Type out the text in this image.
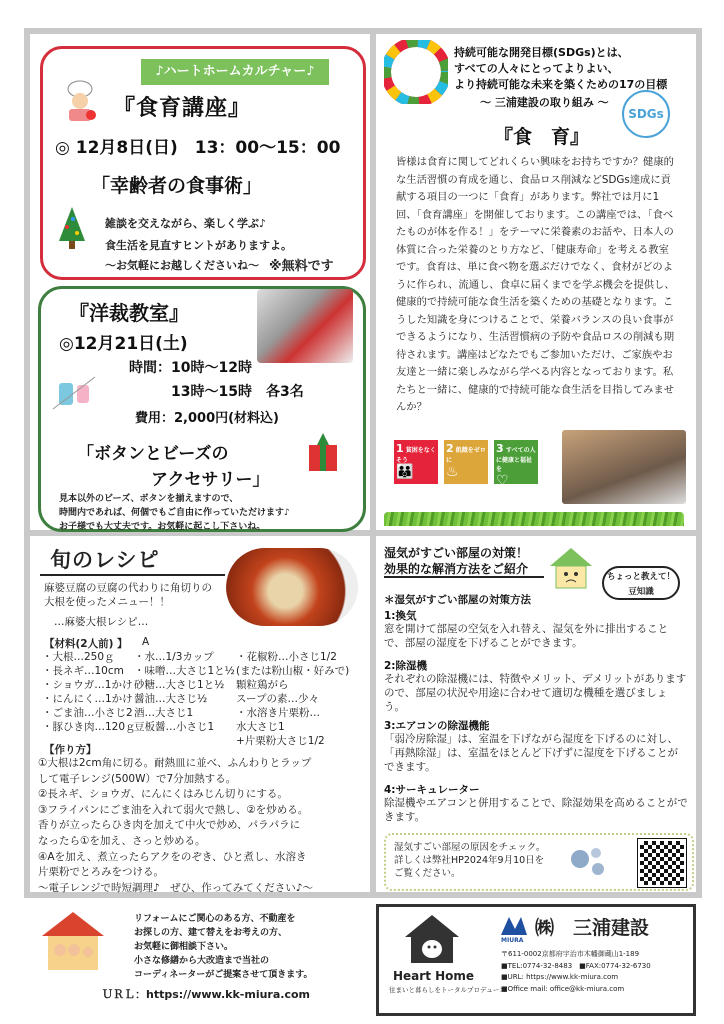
♪ハートホームカルチャー♪
『食育講座』
◎ 12月8日(日)　13：00～15：00
「幸齢者の食事術」
雑談を交えながら、楽しく学ぶ♪
食生活を見直すヒントがありますよ。
～お気軽にお越しくださいね～ ※無料です
『洋裁教室』
◎12月21日(土)
時間：10時～12時
13時～15時　各3名
費用：2,000円(材料込)
「ボタンとビーズの
アクセサリー」
見本以外のビーズ、ボタンを揃えますので、
時間内であれば、何個でもご自由に作っていただけます♪
お子様でも大丈夫です。お気軽に起こし下さいね。
持続可能な開発目標(SDGs)とは、
すべての人々にとってよりよい、
より持続可能な未来を築くための17の目標
～ 三浦建設の取り組み ～
SDGs
『食　育』
皆様は食育に関してどれくらい興味をお持ちですか？健康的な生活習慣の育成を通じ、食品ロス削減などSDGs達成に貢献する項目の一つに「食育」があります。弊社では月に1回、「食育講座」を開催しております。この講座では、「食べたものが体を作る！」をテーマに栄養素のお話や、日本人の体質に合った栄養のとり方など、「健康寿命」を考える教室です。食育は、単に食べ物を選ぶだけでなく、食材がどのように作られ、流通し、食卓に届くまでを学ぶ機会を提供し、健康的で持続可能な食生活を築くための基礎となります。こうした知識を身につけることで、栄養バランスの良い食事ができるようになり、生活習慣病の予防や食品ロスの削減も期待されます。講座はどなたでもご参加いただけ、ご家族やお友達と一緒に楽しみながら学べる内容となっております。私たちと一緒に、健康的で持続可能な食生活を目指してみませんか？
1 貧困をなくそう
👪
2 飢餓をゼロに
♨
3 すべての人に健康と福祉を
♡
旬のレシピ
麻婆豆腐の豆腐の代わりに角切りの
大根を使ったメニュー！！
…麻婆大根レシピ…
【材料(2人前) 】 A
・大根…250ｇ
・長ネギ…10cm
・ショウガ…1かけ
・にんにく…1かけ
・ごま油…小さじ2
・豚ひき肉…120ｇ
・水…1/3カップ
・味噌…大さじ1と½
砂糖…大さじ1と½
醤油…大さじ½
酒…大さじ1
豆板醤…小さじ1
・花椒粉…小さじ1/2
(または粉山椒・好みで)
顆粒鶏がら
スープの素…少々
・水溶き片栗粉…
水大さじ1
+片栗粉大さじ1/2
【作り方】
①大根は2cm角に切る。耐熱皿に並べ、ふんわりとラップ
して電子レンジ(500W）で7分加熱する。
②長ネギ、ショウガ、にんにくはみじん切りにする。
③フライパンにごま油を入れて弱火で熱し、②を炒める。
香りが立ったらひき肉を加えて中火で炒め、パラパラに
なったら①を加え、さっと炒める。
④Aを加え、煮立ったらアクをのぞき、ひと煮し、水溶き
片栗粉でとろみをつける。
～電子レンジで時短調理♪　ぜひ、作ってみてください♪～
湿気がすごい部屋の対策！
効果的な解消方法をご紹介
ちょっと教えて！
豆知識
＊湿気がすごい部屋の対策方法
1:換気
窓を開けて部屋の空気を入れ替え、湿気を外に排出することで、部屋の湿度を下げることができます。
2:除湿機
それぞれの除湿機には、特徴やメリット、デメリットがありますので、部屋の状況や用途に合わせて適切な機種を選びましょう。
3:エアコンの除湿機能
「弱冷房除湿」は、室温を下げながら湿度を下げるのに対し、「再熱除湿」は、室温をほとんど下げずに湿度を下げることができます。
4:サーキュレーター
除湿機やエアコンと併用することで、除湿効果を高めることができます。
湿気すごい部屋の原因をチェック。
詳しくは弊社HP2024年9月10日を
ご覧ください。
リフォームにご関心のある方、不動産を
お探しの方、建て替えをお考えの方、
お気軽に御相談下さい。
小さな修繕から大改造まで当社の
コーディネーターがご提案させて頂きます。
ＵＲＬ：https://www.kk-miura.com
Heart Home
住まいと暮らしをトータルプロデュース
MIURA
㈱　三浦建設
〒611-0002京都府宇治市木幡御蔵山1-189
■TEL:0774-32-8483　■FAX:0774-32-6730
■URL: https://www.kk-miura.com
■Office mail: office@kk-miura.com
